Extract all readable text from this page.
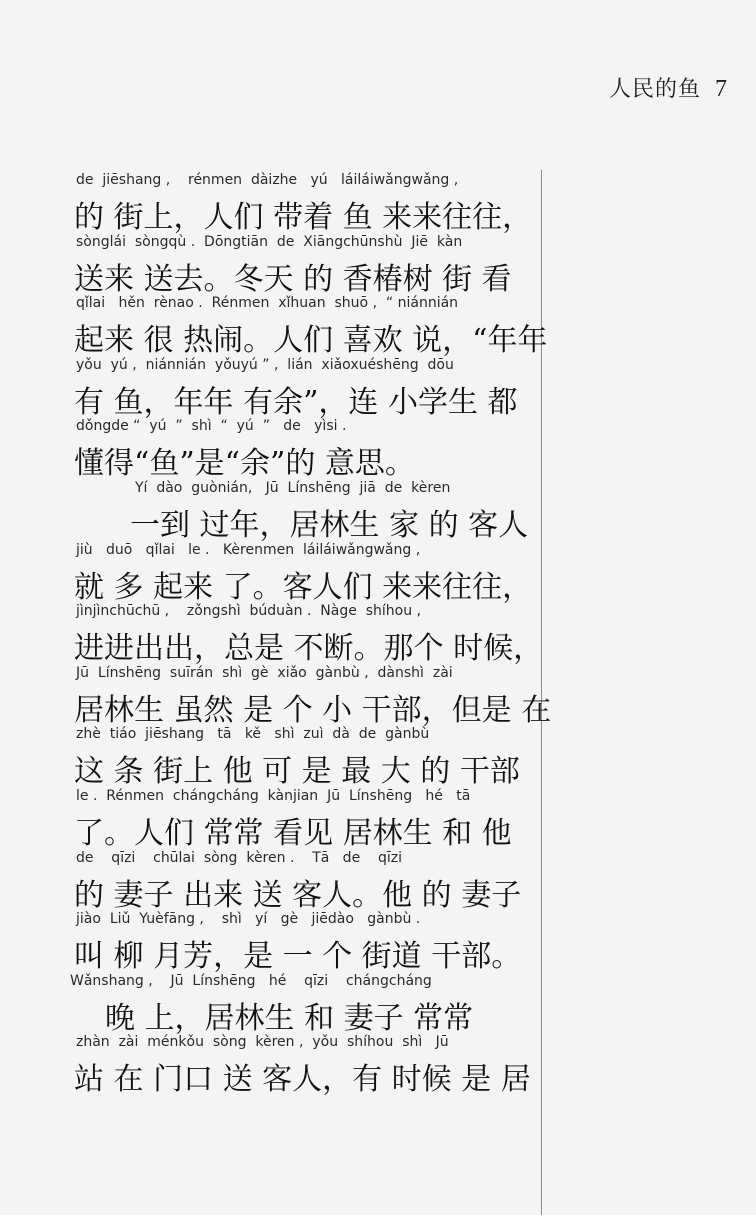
人民的鱼 7
de  jiēshang ,    rénmen  dàizhe   yú   láiláiwǎngwǎng ,
的 街上，人们 带着 鱼 来来往往，
sònglái  sòngqù .  Dōngtiān  de  Xiāngchūnshù  Jiē  kàn
送来 送去。冬天 的 香椿树 街 看
qǐlai   hěn  rènao .  Rénmen  xǐhuan  shuō ,  “ niánnián
起来 很 热闹。人们 喜欢 说，“年年
yǒu  yú ,  niánnián  yǒuyú ” ,  lián  xiǎoxuéshēng  dōu
有 鱼，年年 有余”，连 小学生 都
dǒngde “  yú  ”  shì  “  yú  ”   de   yìsi .
懂得“鱼”是“余”的 意思。
Yí  dào  guònián,   Jū  Línshēng  jiā  de  kèren
一到 过年，居林生 家 的 客人
jiù   duō   qǐlai   le .   Kèrenmen  láiláiwǎngwǎng ,
就 多 起来 了。客人们 来来往往，
jìnjìnchūchū ,    zǒngshì  búduàn .  Nàge  shíhou ,
进进出出，总是 不断。那个 时候，
Jū  Línshēng  suīrán  shì  gè  xiǎo  gànbù ,  dànshì  zài
居林生 虽然 是 个 小 干部，但是 在
zhè  tiáo  jiēshang   tā   kě   shì  zuì  dà  de  gànbù
这 条 街上 他 可 是 最 大 的 干部
le .  Rénmen  chángcháng  kànjian  Jū  Línshēng   hé   tā
了。人们 常常 看见 居林生 和 他
de    qīzi    chūlai  sòng  kèren .    Tā   de    qīzi
的 妻子 出来 送 客人。他 的 妻子
jiào  Liǔ  Yuèfāng ,    shì   yí   gè   jiēdào   gànbù .
叫 柳 月芳，是 一 个 街道 干部。
Wǎnshang ,    Jū  Línshēng   hé    qīzi    chángcháng
晚 上，居林生 和 妻子 常常
zhàn  zài  ménkǒu  sòng  kèren ,  yǒu  shíhou  shì   Jū
站 在 门口 送 客人，有 时候 是 居
